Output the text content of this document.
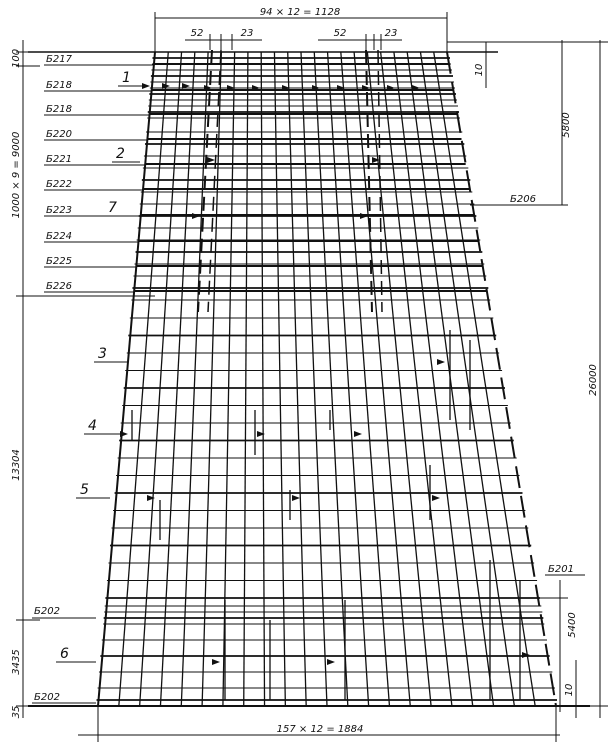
94 × 12 = 1128
52	23	52	23
157 × 12 = 1884
100
1000 × 9 = 9000
13304
3435
35
10
5800
26000
5400
10
Б217
Б218
Б218
Б220
Б221
Б222
Б223
Б224
Б225
Б226
Б206
Б201
Б202
Б202
1
2
7
3
4
5
6
